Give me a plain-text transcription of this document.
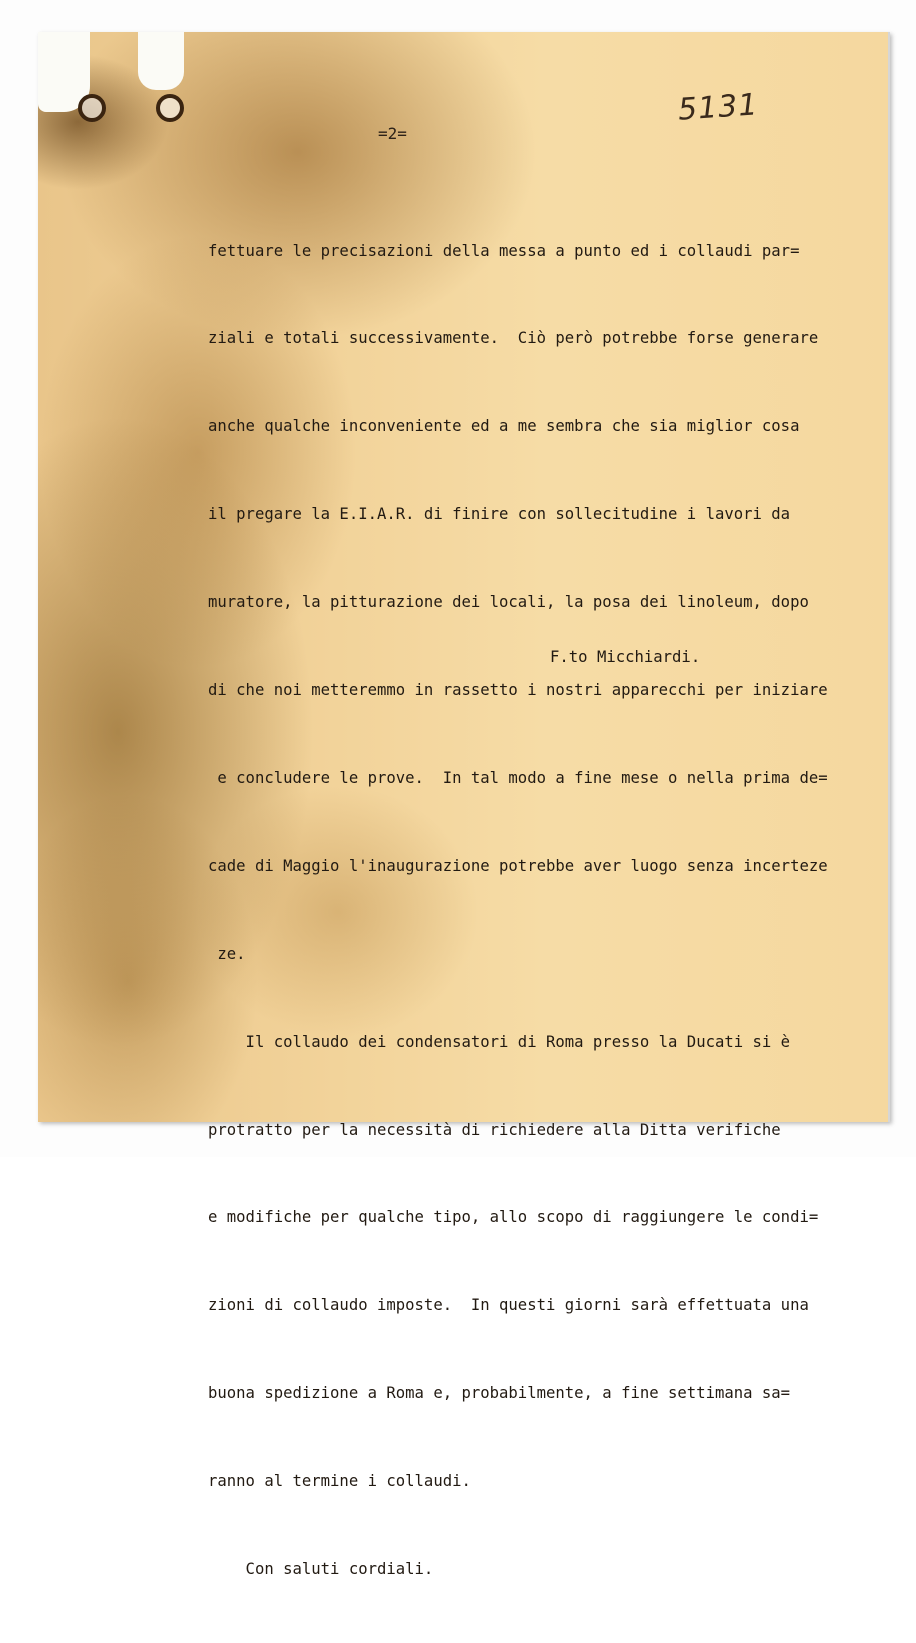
5131
=2=

fettuare le precisazioni della messa a punto ed i collaudi par=

ziali e totali successivamente.  Ciò però potrebbe forse generare

anche qualche inconveniente ed a me sembra che sia miglior cosa

il pregare la E.I.A.R. di finire con sollecitudine i lavori da

muratore, la pitturazione dei locali, la posa dei linoleum, dopo

di che noi metteremmo in rassetto i nostri apparecchi per iniziare

e concludere le prove.  In tal modo a fine mese o nella prima de=

cade di Maggio l'inaugurazione potrebbe aver luogo senza incerteze

ze.

Il collaudo dei condensatori di Roma presso la Ducati si è

protratto per la necessità di richiedere alla Ditta verifiche

e modifiche per qualche tipo, allo scopo di raggiungere le condi=

zioni di collaudo imposte.  In questi giorni sarà effettuata una

buona spedizione a Roma e, probabilmente, a fine settimana sa=

ranno al termine i collaudi.

Con saluti cordiali.

F.to Micchiardi.
